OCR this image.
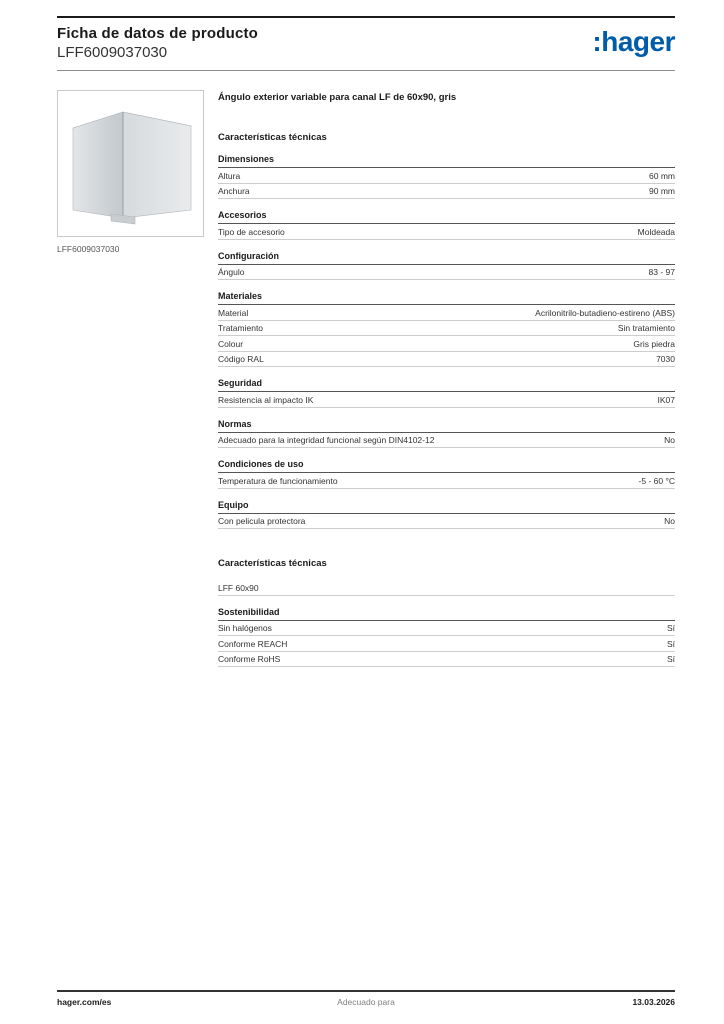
Ficha de datos de producto
LFF6009037030	:hager
LFF6009037030
Ángulo exterior variable para canal LF de 60x90, gris
Características técnicas
Dimensiones
Altura	60 mm
Anchura	90 mm
Accesorios
Tipo de accesorio	Moldeada
Configuración
Ángulo	83 - 97
Materiales
Material	Acrilonitrilo-butadieno-estireno (ABS)
Tratamiento	Sin tratamiento
Colour	Gris piedra
Código RAL	7030
Seguridad
Resistencia al impacto IK	IK07
Normas
Adecuado para la integridad funcional según DIN4102-12	No
Condiciones de uso
Temperatura de funcionamiento	-5 - 60 °C
Equipo
Con pelicula protectora	No
Características técnicas
LFF 60x90
Sostenibilidad
Sin halógenos	Sí
Conforme REACH	Sí
Conforme RoHS	Sí
hager.com/es	Adecuado para	13.03.2026
